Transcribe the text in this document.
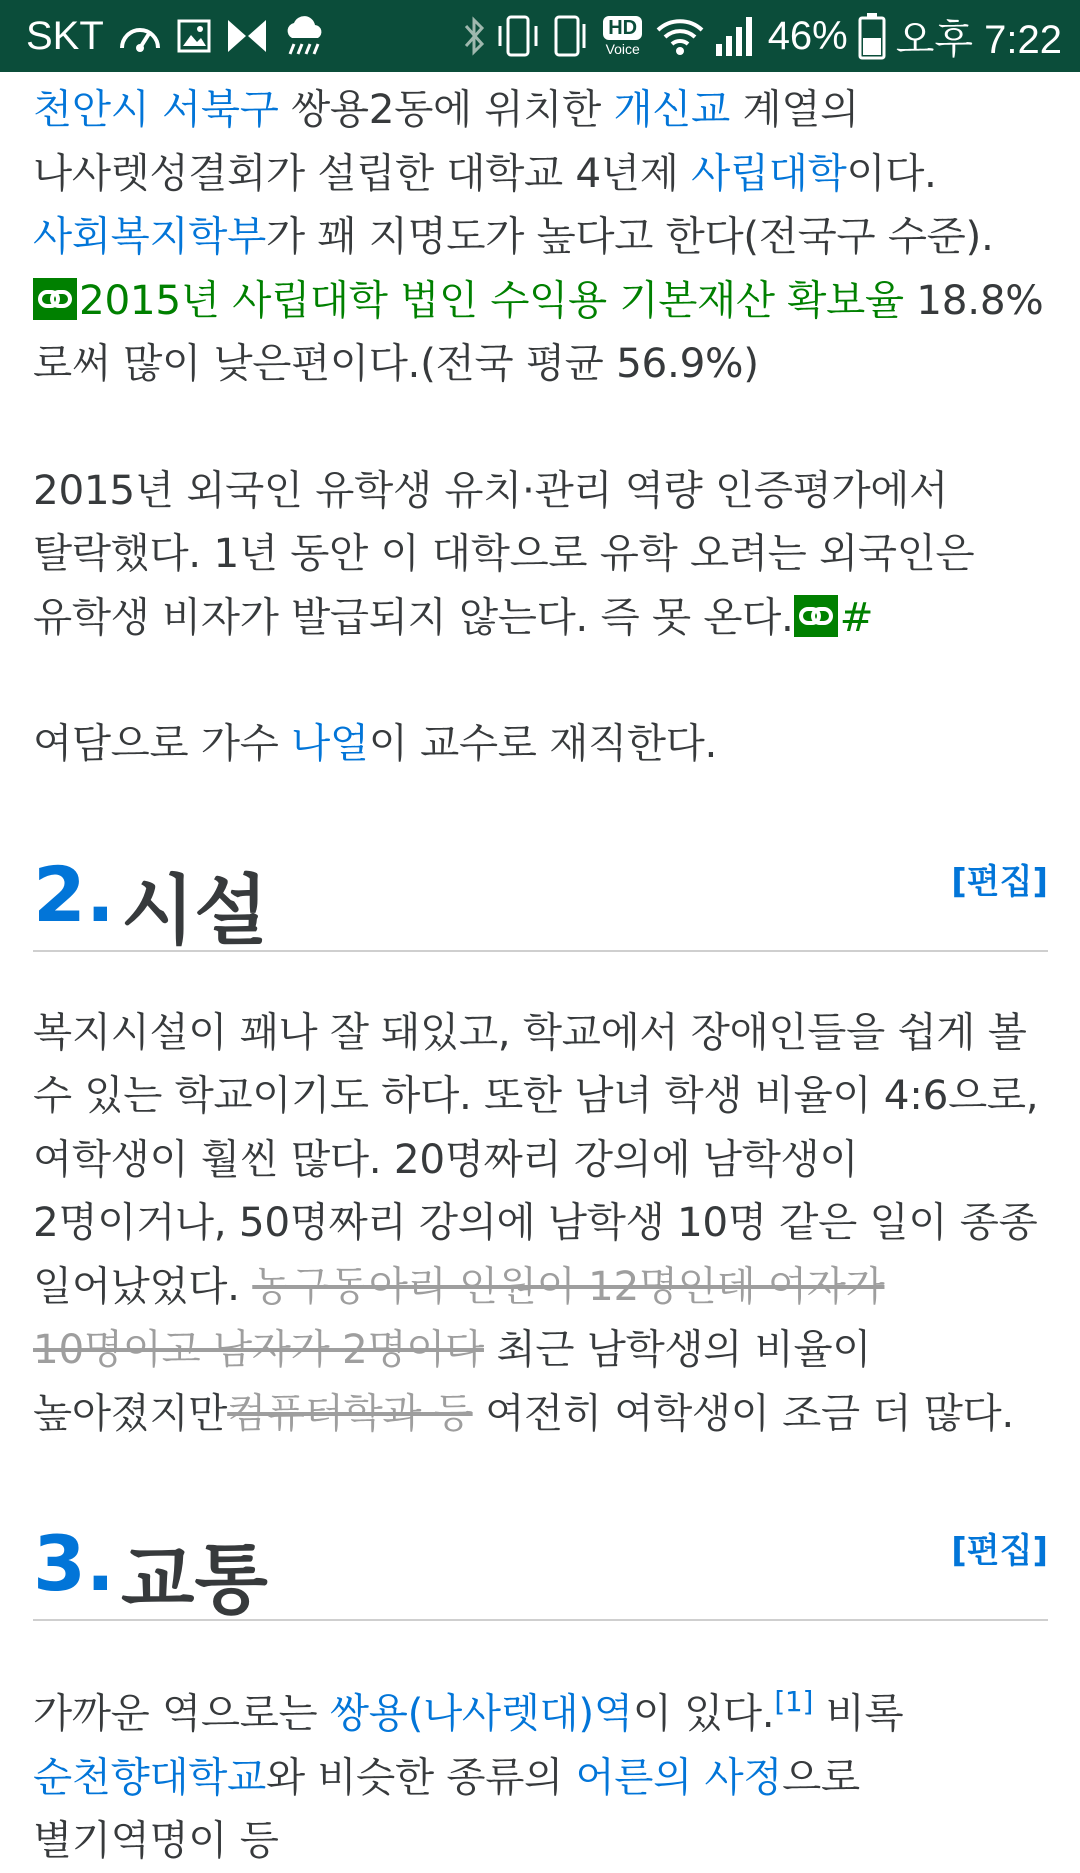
SKT	HD
Voice	46% 오후 7:22

천안시 서북구 쌍용2동에 위치한 개신교 계열의 나사렛성결회가 설립한 대학교 4년제 사립대학이다. 사회복지학부가 꽤 지명도가 높다고 한다(전국구 수준).

2015년 사립대학 법인 수익용 기본재산 확보율 18.8%로써 많이 낮은편이다.(전국 평균 56.9%)

2015년 외국인 유학생 유치·관리 역량 인증평가에서 탈락했다. 1년 동안 이 대학으로 유학 오려는 외국인은 유학생 비자가 발급되지 않는다. 즉 못 온다. #

여담으로 가수 나얼이 교수로 재직한다.

2. 시설	[편집]

복지시설이 꽤나 잘 돼있고, 학교에서 장애인들을 쉽게 볼 수 있는 학교이기도 하다. 또한 남녀 학생 비율이 4:6으로, 여학생이 훨씬 많다. 20명짜리 강의에 남학생이 2명이거나, 50명짜리 강의에 남학생 10명 같은 일이 종종 일어났었다. 농구동아리 인원이 12명인데 여자가 10명이고 남자가 2명이다 최근 남학생의 비율이 높아졌지만컴퓨터학과 등 여전히 여학생이 조금 더 많다.

3. 교통	[편집]

가까운 역으로는 쌍용(나사렛대)역이 있다.[1] 비록 순천향대학교와 비슷한 종류의 어른의 사정으로 별기역명이 등
